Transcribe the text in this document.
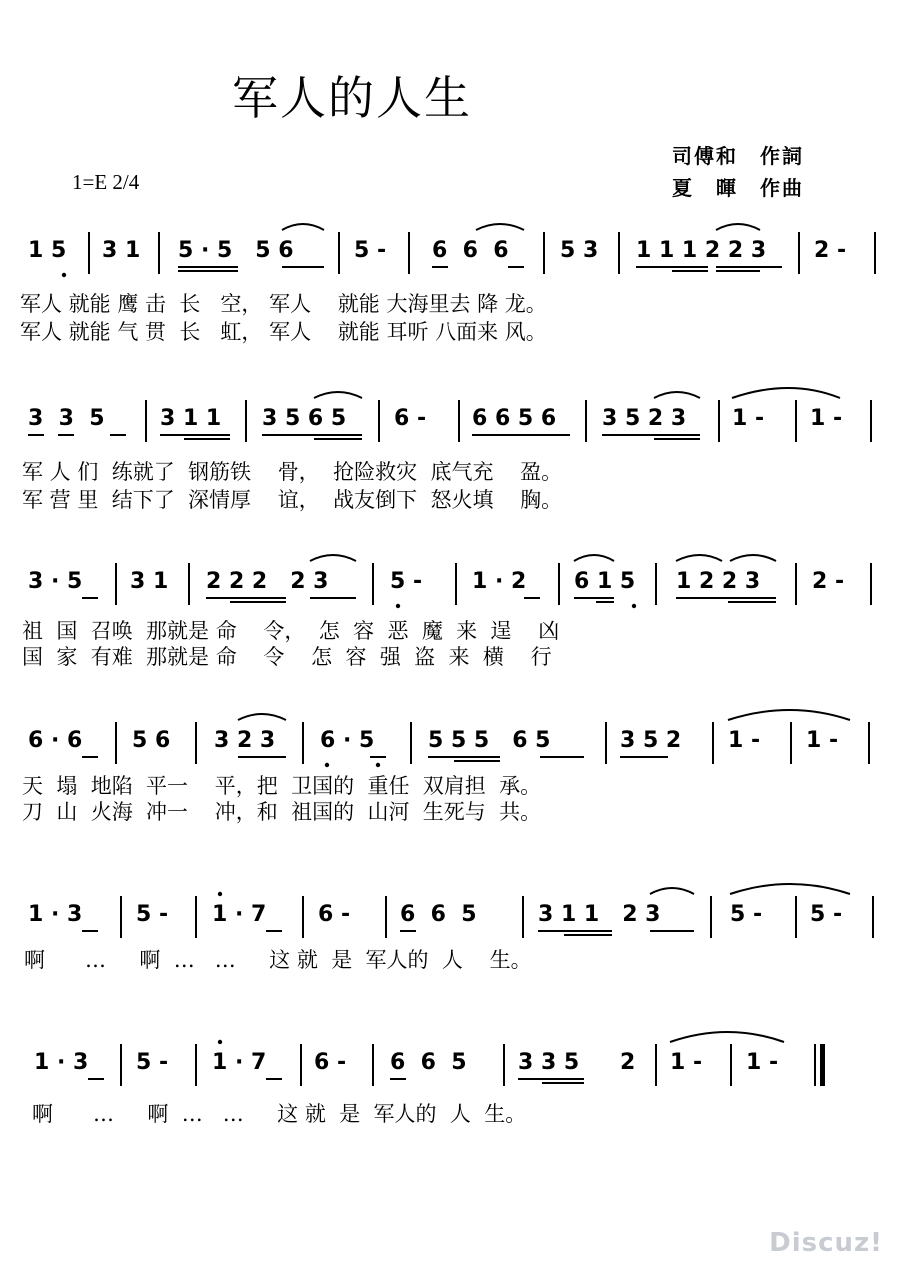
军人的人生
司傅和　作詞
夏　暉　作曲
1=E 2/4
1 5 3 1 5 · 5   5 6	5 - 6  6  6 5 3 1 1 1 2 2 3 2 -
军人 就能 鹰 击  长   空， 军人    就能 大海里去 降 龙。
军人 就能 气 贯  长   虹， 军人    就能 耳听 八面来 风。
3  3  5	3 1 1 3 5 6 5 6 - 6 6 5 6 3 5 2 3 1 - 1 -
军 人 们  练就了  钢筋铁    骨，  抢险救灾  底气充    盈。
军 营 里  结下了  深情厚    谊，  战友倒下  怒火填    胸。
3 · 5 3 1 2 2 2   2 3	5 - 1 · 2 6 1 5 1 2 2 3 2 -
祖  国  召唤  那就是 命    令，  怎  容  恶  魔  来  逞    凶
国  家  有难  那就是 命    令    怎  容  强  盗  来  横    行
6 · 6 5 6 3 2 3 6 · 5 5 5 5   6 5	3 5 2 1 - 1 -
天  塌  地陷  平一    平，把  卫国的  重任  双肩担  承。
刀  山  火海  冲一    冲，和  祖国的  山河  生死与  共。
1 · 3 5 - 1 · 7 6 - 6  6  5	3 1 1   2 3	5 - 5 -
啊      …     啊  …   …     这 就  是  军人的  人    生。
1 · 3 5 - 1 · 7 6 - 6  6  5 3 3 5 2 1 - 1 -
啊      …     啊  …   …     这 就  是  军人的  人  生。
Discuz!
